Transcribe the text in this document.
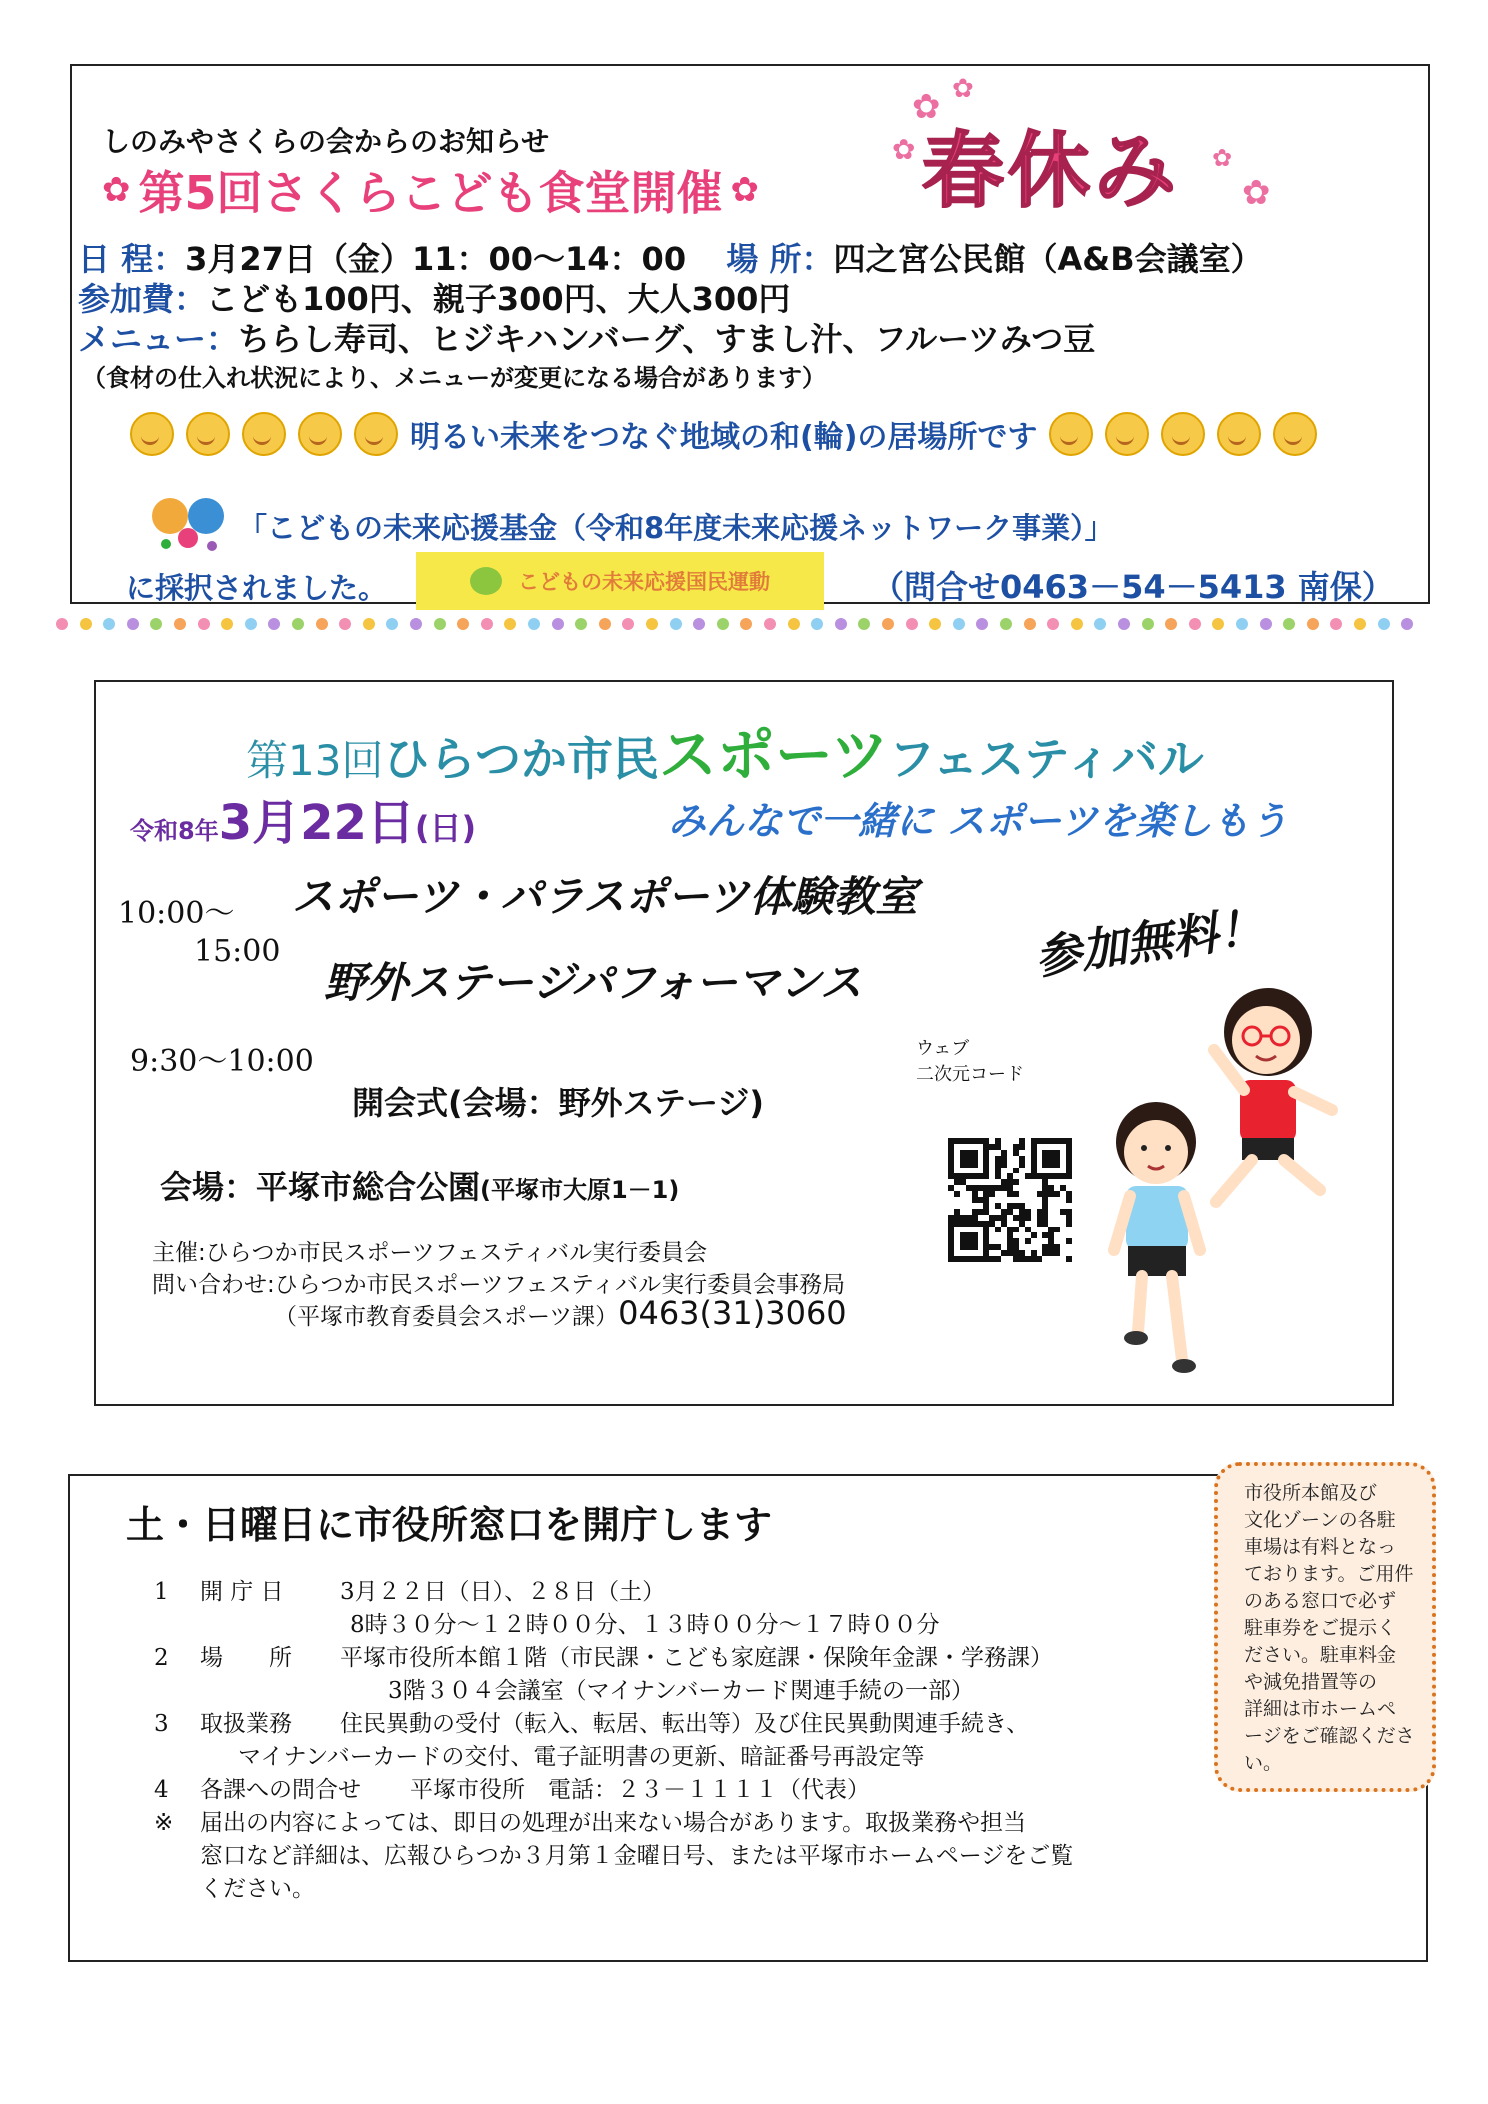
しのみやさくらの会からのお知らせ
✿ 第5回さくらこども食堂開催 ✿
✿ ✿
✿
✿
✿
春休み
日 程：3月27日（金）11：00～14：00 場 所：四之宮公民館（A&B会議室）
参加費：こども100円、親子300円、大人300円
メニュー：ちらし寿司、ヒジキハンバーグ、すまし汁、フルーツみつ豆
（食材の仕入れ状況により、メニューが変更になる場合があります）
明るい未来をつなぐ地域の和(輪)の居場所です
「こどもの未来応援基金（令和8年度未来応援ネットワーク事業）」
に採択されました。	こどもの未来応援国民運動	（問合せ0463－54－5413 南保）
第13回 ひらつか市民 スポーツ フェスティバル
令和8年 3月22日 (日)	みんなで一緒に スポーツを楽しもう
10:00～
15:00
スポーツ・パラスポーツ体験教室
野外ステージパフォーマンス	参加無料！
9:30～10:00
開会式(会場：野外ステージ)
会場：平塚市総合公園(平塚市大原1－1)
ウェブ
二次元コード
主催:ひらつか市民スポーツフェスティバル実行委員会
問い合わせ:ひらつか市民スポーツフェスティバル実行委員会事務局
（平塚市教育委員会スポーツ課）0463(31)3060
土・日曜日に市役所窓口を開庁します
1 開 庁 日 3月２２日（日）、２８日（土）
8時３０分～１２時００分、１３時００分～１７時００分
2 場　　所 平塚市役所本館１階（市民課・こども家庭課・保険年金課・学務課）
3階３０４会議室（マイナンバーカード関連手続の一部）
3 取扱業務 住民異動の受付（転入、転居、転出等）及び住民異動関連手続き、
マイナンバーカードの交付、電子証明書の更新、暗証番号再設定等
4 各課への問合せ 平塚市役所　電話：２３－１１１１（代表）
※	届出の内容によっては、即日の処理が出来ない場合があります。取扱業務や担当
窓口など詳細は、広報ひらつか３月第１金曜日号、または平塚市ホームページをご覧
ください。
市役所本館及び
文化ゾーンの各駐
車場は有料となっ
ております。ご用件
のある窓口で必ず
駐車券をご提示く
ださい。駐車料金
や減免措置等の
詳細は市ホームペ
ージをご確認くださ
い。
